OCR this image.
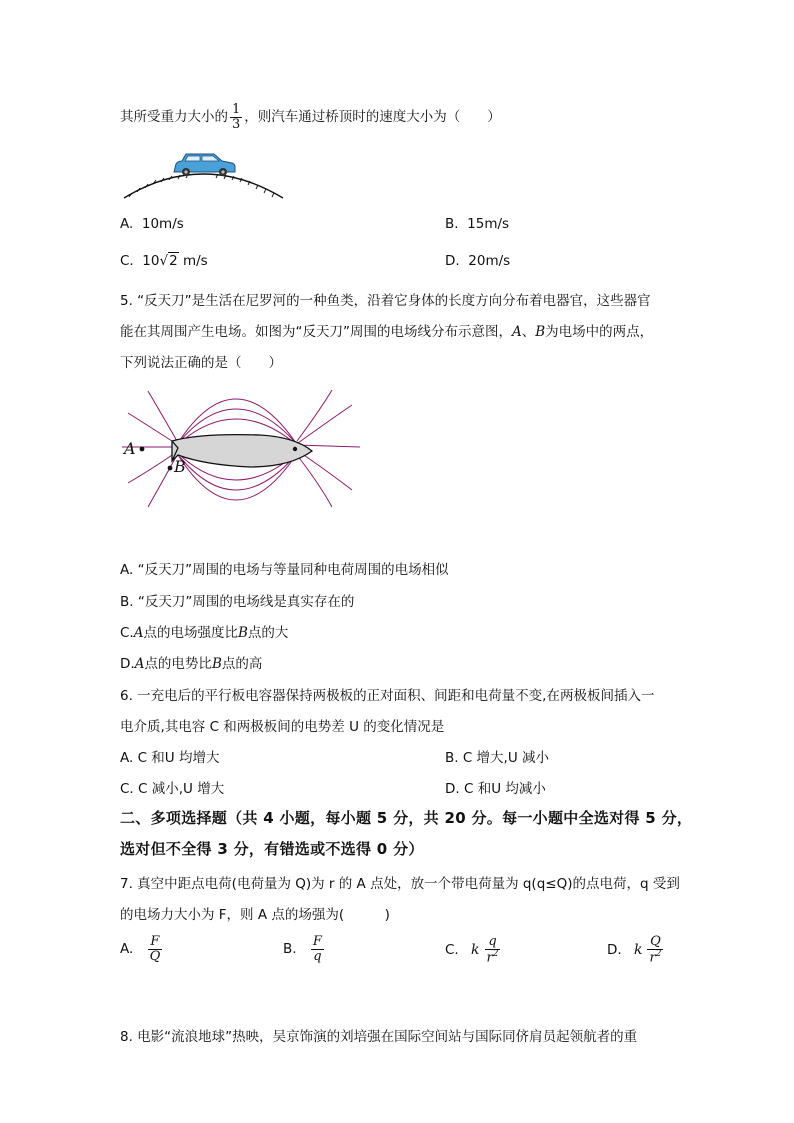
其所受重力大小的 $\frac{1}{3}$ ，则汽车通过桥顶时的速度大小为（　　）
A.  10m/s	B.  15m/s
C.  10√2 m/s	D.  20m/s
5. “反天刀”是生活在尼罗河的一种鱼类，沿着它身体的长度方向分布着电器官，这些器官
能在其周围产生电场。如图为“反天刀”周围的电场线分布示意图，A、B为电场中的两点，
下列说法正确的是（　　）
A
B
A. “反天刀”周围的电场与等量同种电荷周围的电场相似
B. “反天刀”周围的电场线是真实存在的
C.A点的电场强度比B点的大
D.A点的电势比B点的高
6. 一充电后的平行板电容器保持两极板的正对面积、间距和电荷量不变,在两极板间插入一
电介质,其电容 C 和两极板间的电势差 U 的变化情况是
A. C 和U 均增大	B. C 增大,U 减小
C. C 减小,U 增大	D. C 和U 均减小
二、多项选择题（共 4 小题，每小题 5 分，共 20 分。每一小题中全选对得 5 分，
选对但不全得 3 分，有错选或不选得 0 分）
7. 真空中距点电荷(电荷量为 Q)为 r 的 A 点处，放一个带电荷量为 q(q≤Q)的点电荷，q 受到
的电场力大小为 F，则 A 点的场强为(　　　)
A. $\frac{F}{Q}$	B. $\frac{F}{q}$	C. k $\frac{q}{r^2}$	D. k $\frac{Q}{r^2}$
8. 电影“流浪地球”热映，吴京饰演的刘培强在国际空间站与国际同侪肩员起领航者的重
